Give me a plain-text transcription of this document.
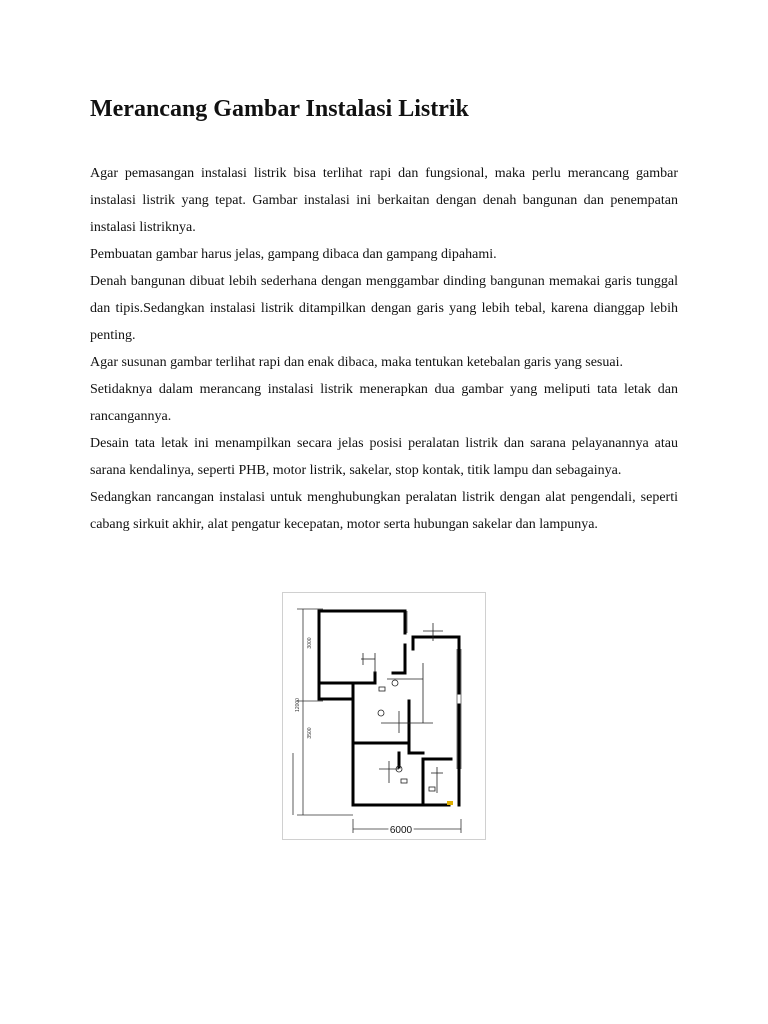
Merancang Gambar Instalasi Listrik

Agar pemasangan instalasi listrik bisa terlihat rapi dan fungsional, maka perlu merancang gambar instalasi listrik yang tepat. Gambar instalasi ini berkaitan dengan denah bangunan dan penempatan instalasi listriknya.

Pembuatan gambar harus jelas, gampang dibaca dan gampang dipahami.

Denah bangunan dibuat lebih sederhana dengan menggambar dinding bangunan memakai garis tunggal dan tipis.Sedangkan instalasi listrik ditampilkan dengan garis yang lebih tebal, karena dianggap lebih penting.

Agar susunan gambar terlihat rapi dan enak dibaca, maka tentukan ketebalan garis yang sesuai.

Setidaknya dalam merancang instalasi listrik menerapkan dua gambar yang meliputi tata letak dan rancangannya.

Desain tata letak ini menampilkan secara jelas posisi peralatan listrik dan sarana pelayanannya atau sarana kendalinya, seperti PHB, motor listrik, sakelar, stop kontak, titik lampu dan sebagainya.

Sedangkan rancangan instalasi untuk menghubungkan peralatan listrik dengan alat pengendali, seperti cabang sirkuit akhir, alat pengatur kecepatan, motor serta hubungan sakelar dan lampunya.

3000
12000
3500
6000
